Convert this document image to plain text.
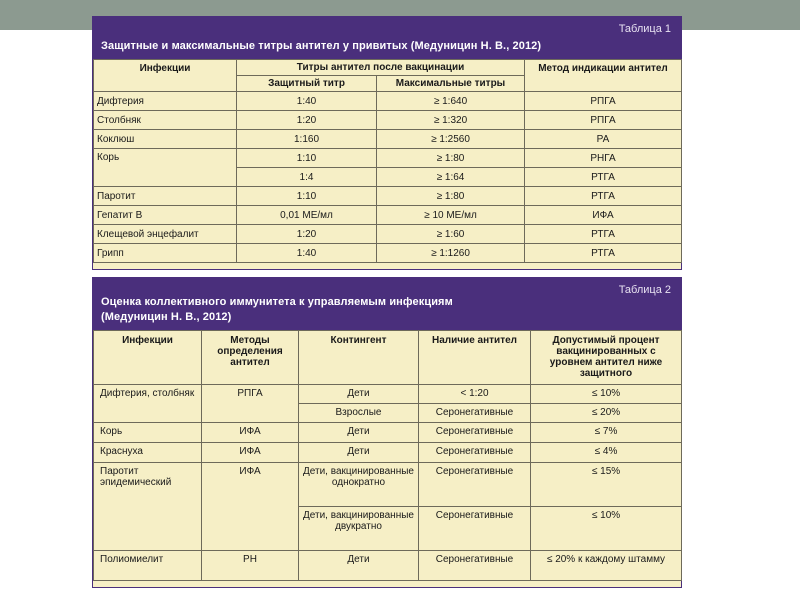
Таблица 1
Защитные и максимальные титры антител у привитых (Медуницин Н. В., 2012)
Инфекции	Титры антител после вакцинации		Метод индикации антител
	Защитный титр	Максимальные титры	
Дифтерия	1:40	≥ 1:640	РПГА
Столбняк	1:20	≥ 1:320	РПГА
Коклюш	1:160	≥ 1:2560	РА
Корь	1:10	≥ 1:80	РНГА
	1:4	≥ 1:64	РТГА
Паротит	1:10	≥ 1:80	РТГА
Гепатит В	0,01 МЕ/мл	≥ 10 МЕ/мл	ИФА
Клещевой энцефалит	1:20	≥ 1:60	РТГА
Грипп	1:40	≥ 1:1260	РТГА
Таблица 2
Оценка коллективного иммунитета к управляемым инфекциям
(Медуницин Н. В., 2012)
Инфекции	Методы определения антител	Контингент	Наличие антител	Допустимый процент вакцинированных с уровнем антител ниже защитного
Дифтерия, столбняк	РПГА	Дети	< 1:20	≤ 10%
		Взрослые	Серонегативные	≤ 20%
Корь	ИФА	Дети	Серонегативные	≤ 7%
Краснуха	ИФА	Дети	Серонегативные	≤ 4%
Паротит эпидемический	ИФА	Дети, вакцинированные однократно	Серонегативные	≤ 15%
		Дети, вакцинированные двукратно	Серонегативные	≤ 10%
Полиомиелит	РН	Дети	Серонегативные	≤ 20% к каждому штамму
